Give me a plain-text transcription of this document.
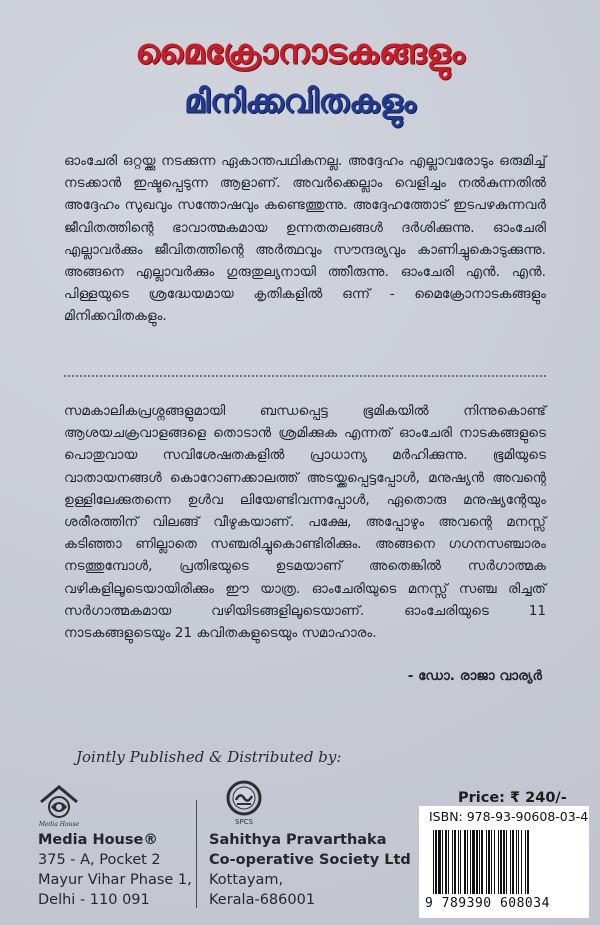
മൈക്രോനാടകങ്ങളും
മിനിക്കവിതകളും
ഓംചേരി ഒറ്റയ്ക്കു നടക്കുന്ന ഏകാന്തപഥികനല്ല. അദ്ദേഹം എല്ലാവരോടും ഒരുമിച്ച് നടക്കാൻ ഇഷ്ടപ്പെടുന്ന ആളാണ്. അവർക്കെല്ലാം വെളിച്ചം നൽകുന്നതിൽ അദ്ദേഹം സുഖവും സന്തോഷവും കണ്ടെത്തുന്നു. അദ്ദേഹത്തോട് ഇടപഴകുന്നവർ ജീവിതത്തിന്റെ ഭാവാത്മകമായ ഉന്നതതലങ്ങൾ ദർശിക്കുന്നു. ഓംചേരി എല്ലാവർക്കും ജീവിതത്തിന്റെ അർത്ഥവും സൗന്ദര്യവും കാണിച്ചുകൊടുക്കുന്നു. അങ്ങനെ എല്ലാവർക്കും ഗുരുതുല്യനായി ത്തീരുന്നു. ഓംചേരി എൻ. എൻ. പിള്ളയുടെ ശ്രദ്ധേയമായ കൃതികളിൽ ഒന്ന് - മൈക്രോനാടകങ്ങളും മിനിക്കവിതകളും.
സമകാലികപ്രശ്നങ്ങളുമായി ബന്ധപ്പെട്ട ഭൂമികയിൽ നിന്നുകൊണ്ട് ആശയചക്രവാളങ്ങളെ തൊടാൻ ശ്രമിക്കുക എന്നത് ഓംചേരി നാടകങ്ങളുടെ പൊതുവായ സവിശേഷതകളിൽ പ്രാധാന്യ മർഹിക്കുന്നു. ഭൂമിയുടെ വാതായനങ്ങൾ കൊറോണക്കാലത്ത് അടയ്ക്കപ്പെട്ടപ്പോൾ, മനുഷ്യൻ അവന്റെ ഉള്ളിലേക്കുതന്നെ ഉൾവ ലിയേണ്ടിവന്നപ്പോൾ, ഏതൊരു മനുഷ്യന്റേയും ശരീരത്തിന് വിലങ്ങ് വീഴുകയാണ്. പക്ഷേ, അപ്പോഴും അവന്റെ മനസ്സ് കടിഞ്ഞാ ണില്ലാതെ സഞ്ചരിച്ചുകൊണ്ടിരിക്കും. അങ്ങനെ ഗഗനസഞ്ചാരം നടത്തുമ്പോൾ, പ്രതിഭയുടെ ഉടമയാണ് അതെങ്കിൽ സർഗാത്മക വഴികളിലൂടെയായിരിക്കും ഈ യാത്ര. ഓംചേരിയുടെ മനസ്സ് സഞ്ച രിച്ചത് സർഗാത്മകമായ വഴിയിടങ്ങളിലൂടെയാണ്. ഓംചേരിയുടെ 11 നാടകങ്ങളുടെയും 21 കവിതകളുടെയും സമാഹാരം.
- ഡോ. രാജാ വാര്യർ
Jointly Published & Distributed by:
Media House	SPCS
Media House®
375 - A, Pocket 2
Mayur Vihar Phase 1,
Delhi - 110 091
Sahithya Pravarthaka
Co-operative Society Ltd
Kottayam,
Kerala-686001
Price: ₹ 240/-
ISBN: 978-93-90608-03-4
9 789390 608034
